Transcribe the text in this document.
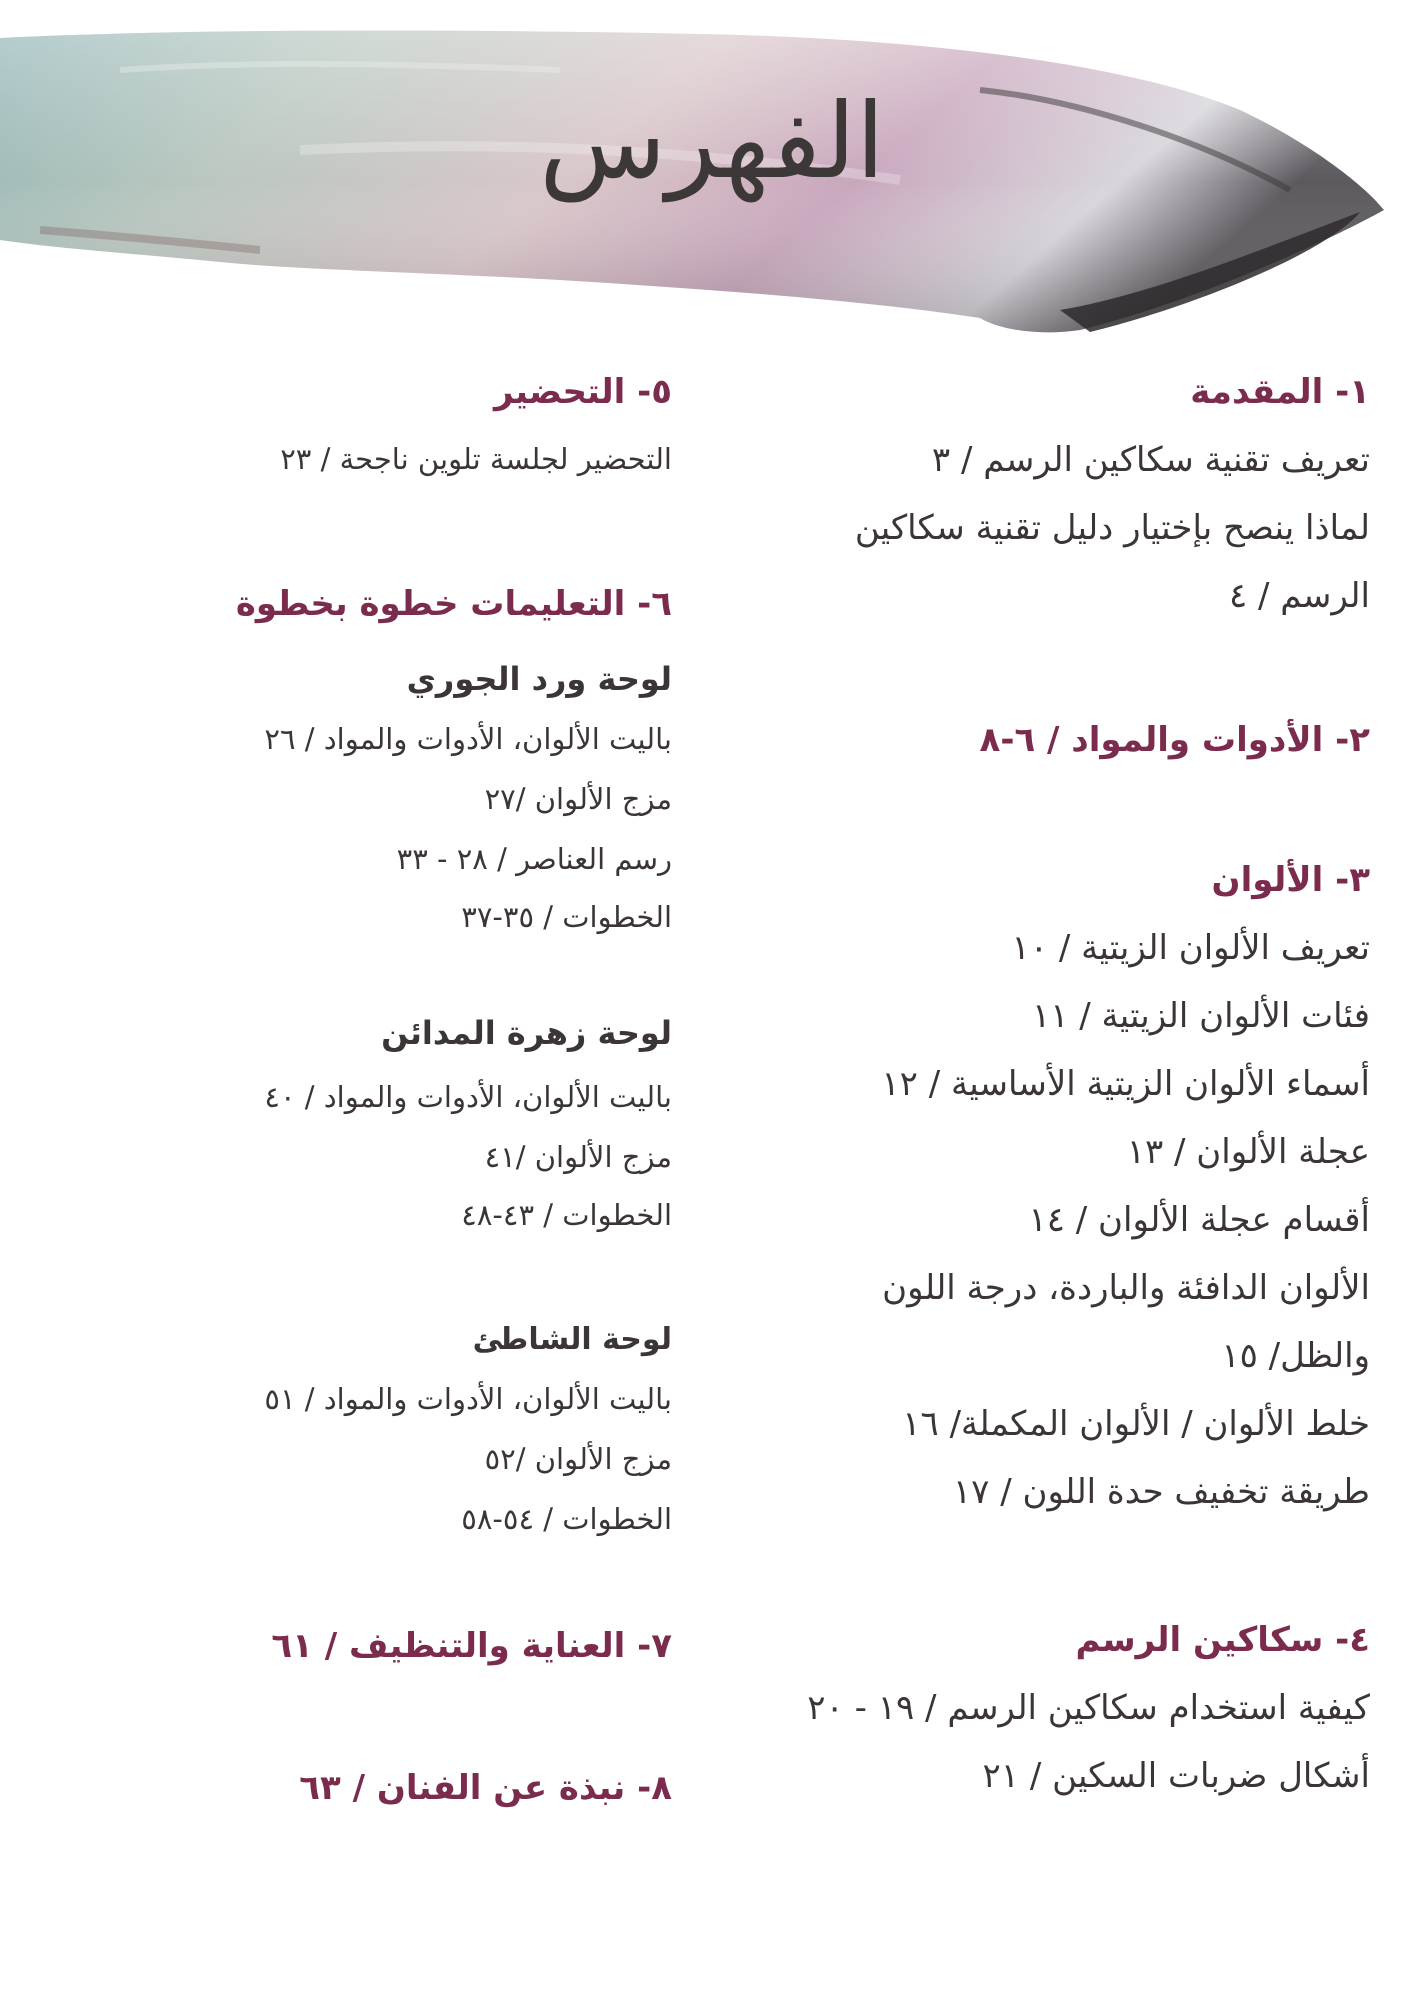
الفهرس
١- المقدمة
تعريف تقنية سكاكين الرسم / ٣
لماذا ينصح بإختيار دليل تقنية سكاكين
الرسم / ٤
٢- الأدوات والمواد / ٦-٨
٣- الألوان
تعريف الألوان الزيتية / ١٠
فئات الألوان الزيتية / ١١
أسماء الألوان الزيتية الأساسية / ١٢
عجلة الألوان / ١٣
أقسام عجلة الألوان / ١٤
الألوان الدافئة والباردة، درجة اللون
والظل/ ١٥
خلط الألوان / الألوان المكملة/ ١٦
طريقة تخفيف حدة اللون / ١٧
٤- سكاكين الرسم
كيفية استخدام سكاكين الرسم / ١٩ - ٢٠
أشكال ضربات السكين / ٢١
٥- التحضير
التحضير لجلسة تلوين ناجحة / ٢٣
٦- التعليمات خطوة بخطوة
لوحة ورد الجوري
باليت الألوان، الأدوات والمواد / ٢٦
مزج الألوان /٢٧
رسم العناصر / ٢٨ - ٣٣
الخطوات / ٣٥-٣٧
لوحة زهرة المدائن
باليت الألوان، الأدوات والمواد / ٤٠
مزج الألوان /٤١
الخطوات / ٤٣-٤٨
لوحة الشاطئ
باليت الألوان، الأدوات والمواد / ٥١
مزج الألوان /٥٢
الخطوات / ٥٤-٥٨
٧- العناية والتنظيف / ٦١
٨- نبذة عن الفنان / ٦٣
